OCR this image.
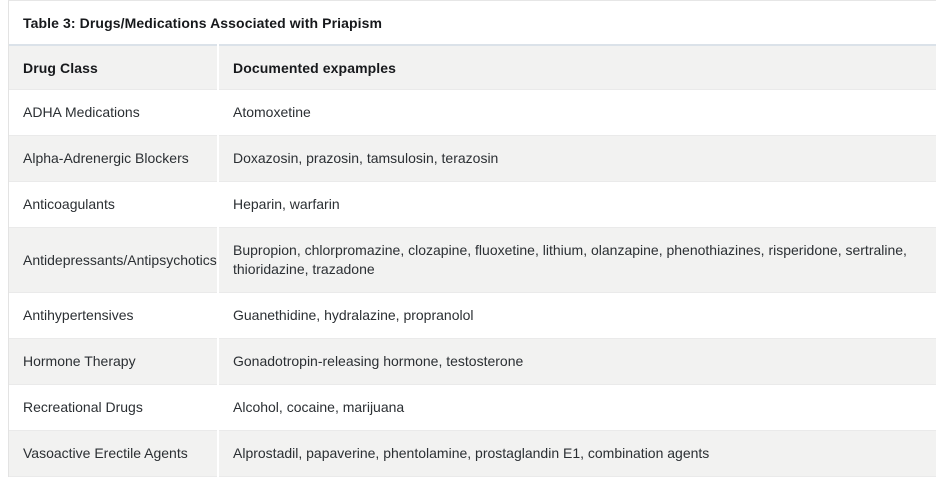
Table 3: Drugs/Medications Associated with Priapism
Drug Class	Documented expamples
ADHA Medications	Atomoxetine
Alpha-Adrenergic Blockers	Doxazosin, prazosin, tamsulosin, terazosin
Anticoagulants	Heparin, warfarin
Antidepressants/Antipsychotics	Bupropion, chlorpromazine, clozapine, fluoxetine, lithium, olanzapine, phenothiazines, risperidone, sertraline, thioridazine, trazadone
Antihypertensives	Guanethidine, hydralazine, propranolol
Hormone Therapy	Gonadotropin-releasing hormone, testosterone
Recreational Drugs	Alcohol, cocaine, marijuana
Vasoactive Erectile Agents	Alprostadil, papaverine, phentolamine, prostaglandin E1, combination agents
